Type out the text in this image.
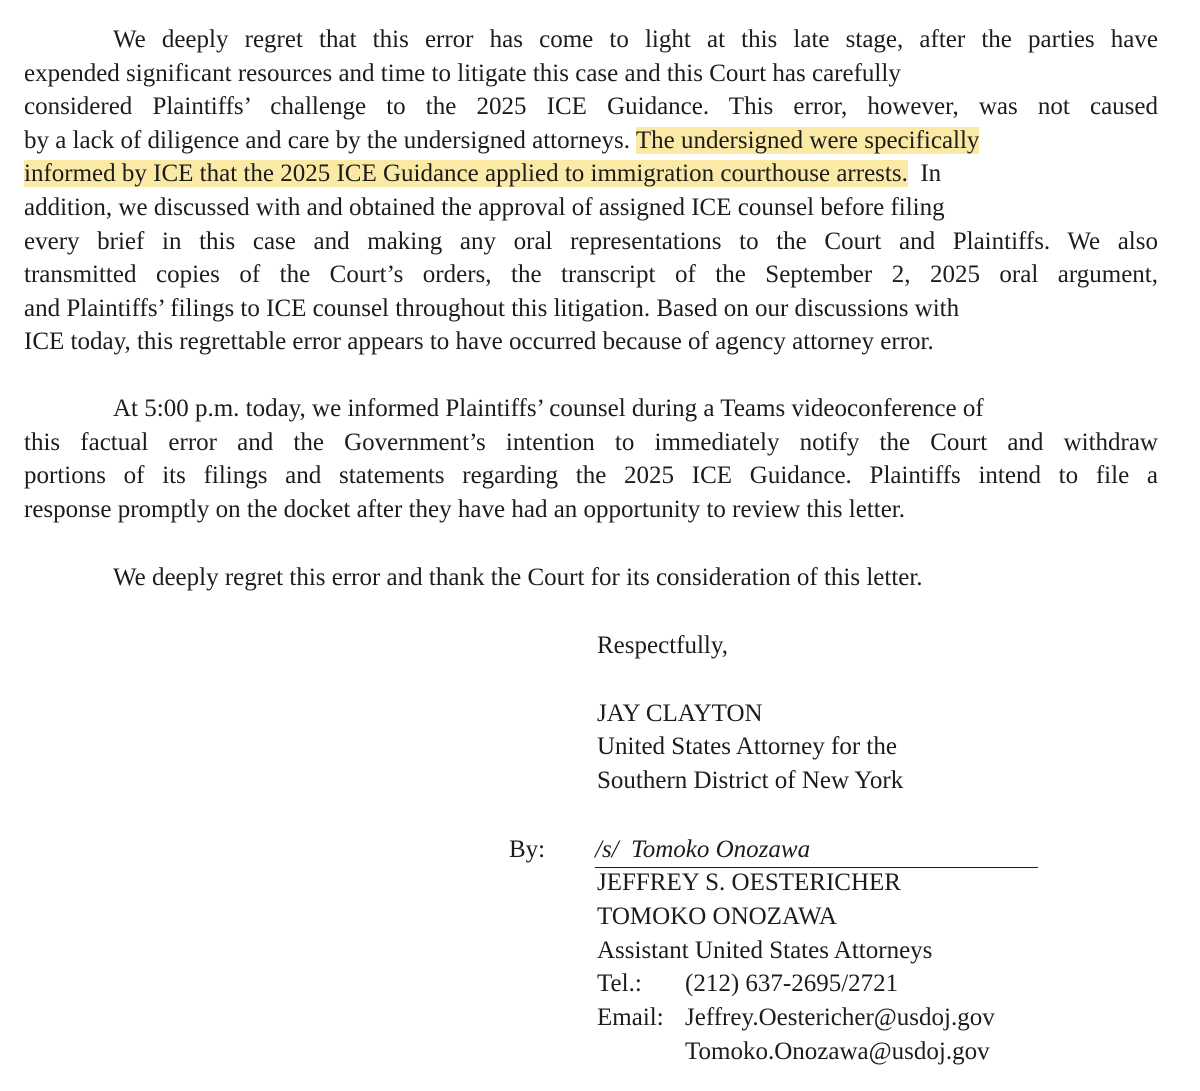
We deeply regret that this error has come to light at this late stage, after the parties have
expended significant resources and time to litigate this case and this Court has carefully
considered Plaintiffs’ challenge to the 2025 ICE Guidance. This error, however, was not caused
by a lack of diligence and care by the undersigned attorneys. The undersigned were specifically
informed by ICE that the 2025 ICE Guidance applied to immigration courthouse arrests.  In
addition, we discussed with and obtained the approval of assigned ICE counsel before filing
every brief in this case and making any oral representations to the Court and Plaintiffs. We also
transmitted copies of the Court’s orders, the transcript of the September 2, 2025 oral argument,
and Plaintiffs’ filings to ICE counsel throughout this litigation. Based on our discussions with
ICE today, this regrettable error appears to have occurred because of agency attorney error.
At 5:00 p.m. today, we informed Plaintiffs’ counsel during a Teams videoconference of
this factual error and the Government’s intention to immediately notify the Court and withdraw
portions of its filings and statements regarding the 2025 ICE Guidance. Plaintiffs intend to file a
response promptly on the docket after they have had an opportunity to review this letter.
We deeply regret this error and thank the Court for its consideration of this letter.
Respectfully,
JAY CLAYTON
United States Attorney for the
Southern District of New York
By: /s/  Tomoko Onozawa
JEFFREY S. OESTERICHER
TOMOKO ONOZAWA
Assistant United States Attorneys
Tel.: (212) 637-2695/2721
Email: Jeffrey.Oestericher@usdoj.gov
Tomoko.Onozawa@usdoj.gov
